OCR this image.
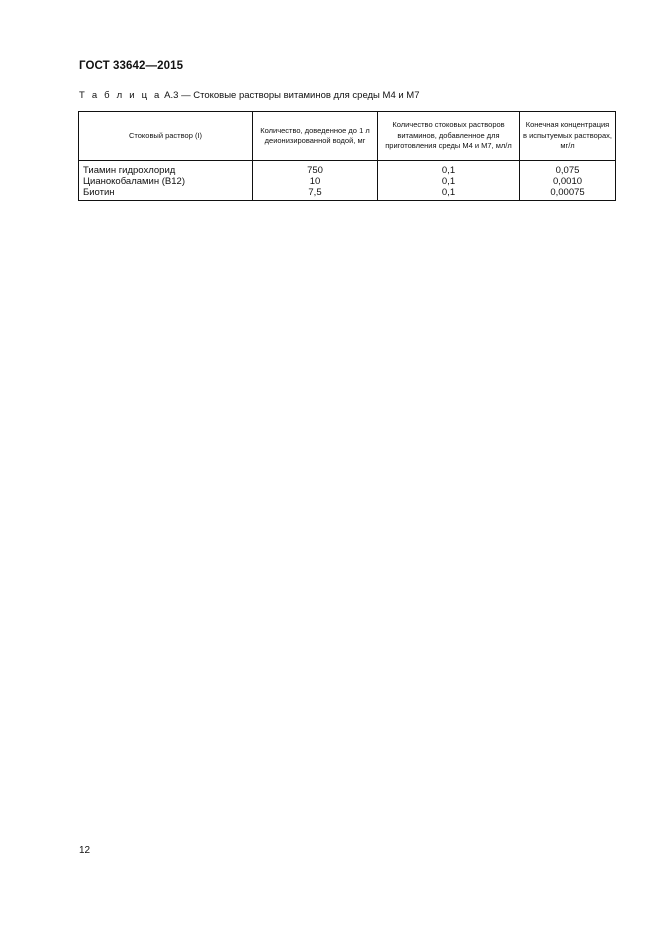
ГОСТ 33642—2015
Т а б л и ц а А.3 — Стоковые растворы витаминов для среды М4 и М7
Стоковый раствор (I)	Количество, доведенное до 1 л деионизированной водой, мг	Количество стоковых растворов витаминов, добавленное для приготовления среды М4 и М7, мл/л	Конечная концентрация в испытуемых растворах, мг/л
Тиамин гидрохлорид	750	0,1	0,075
Цианокобаламин (В12)	10	0,1	0,0010
Биотин	7,5	0,1	0,00075
12
